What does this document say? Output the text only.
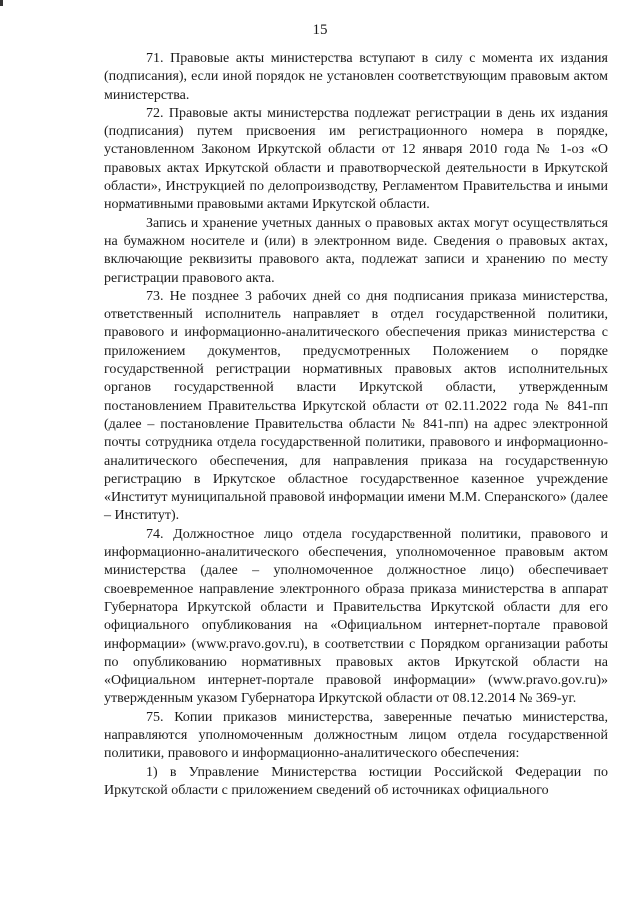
15

71. Правовые акты министерства вступают в силу с момента их издания (подписания), если иной порядок не установлен соответствующим правовым актом министерства.

72. Правовые акты министерства подлежат регистрации в день их издания (подписания) путем присвоения им регистрационного номера в порядке, установленном Законом Иркутской области от 12 января 2010 года № 1-оз «О правовых актах Иркутской области и правотворческой деятельности в Иркутской области», Инструкцией по делопроизводству, Регламентом Правительства и иными нормативными правовыми актами Иркутской области.

Запись и хранение учетных данных о правовых актах могут осуществляться на бумажном носителе и (или) в электронном виде. Сведения о правовых актах, включающие реквизиты правового акта, подлежат записи и хранению по месту регистрации правового акта.

73. Не позднее 3 рабочих дней со дня подписания приказа министерства, ответственный исполнитель направляет в отдел государственной политики, правового и информационно-аналитического обеспечения приказ министерства с приложением документов, предусмотренных Положением о порядке государственной регистрации нормативных правовых актов исполнительных органов государственной власти Иркутской области, утвержденным постановлением Правительства Иркутской области от 02.11.2022 года № 841-пп (далее – постановление Правительства области № 841-пп) на адрес электронной почты сотрудника отдела государственной политики, правового и информационно-аналитического обеспечения, для направления приказа на государственную регистрацию в Иркутское областное государственное казенное учреждение «Институт муниципальной правовой информации имени М.М. Сперанского» (далее – Институт).

74. Должностное лицо отдела государственной политики, правового и информационно-аналитического обеспечения, уполномоченное правовым актом министерства (далее – уполномоченное должностное лицо) обеспечивает своевременное направление электронного образа приказа министерства в аппарат Губернатора Иркутской области и Правительства Иркутской области для его официального опубликования на «Официальном интернет-портале правовой информации» (www.pravo.gov.ru), в соответствии с Порядком организации работы по опубликованию нормативных правовых актов Иркутской области на «Официальном интернет-портале правовой информации» (www.pravo.gov.ru)» утвержденным указом Губернатора Иркутской области от 08.12.2014 № 369-уг.

75. Копии приказов министерства, заверенные печатью министерства, направляются уполномоченным должностным лицом отдела государственной политики, правового и информационно-аналитического обеспечения:

1) в Управление Министерства юстиции Российской Федерации по Иркутской области с приложением сведений об источниках официального
